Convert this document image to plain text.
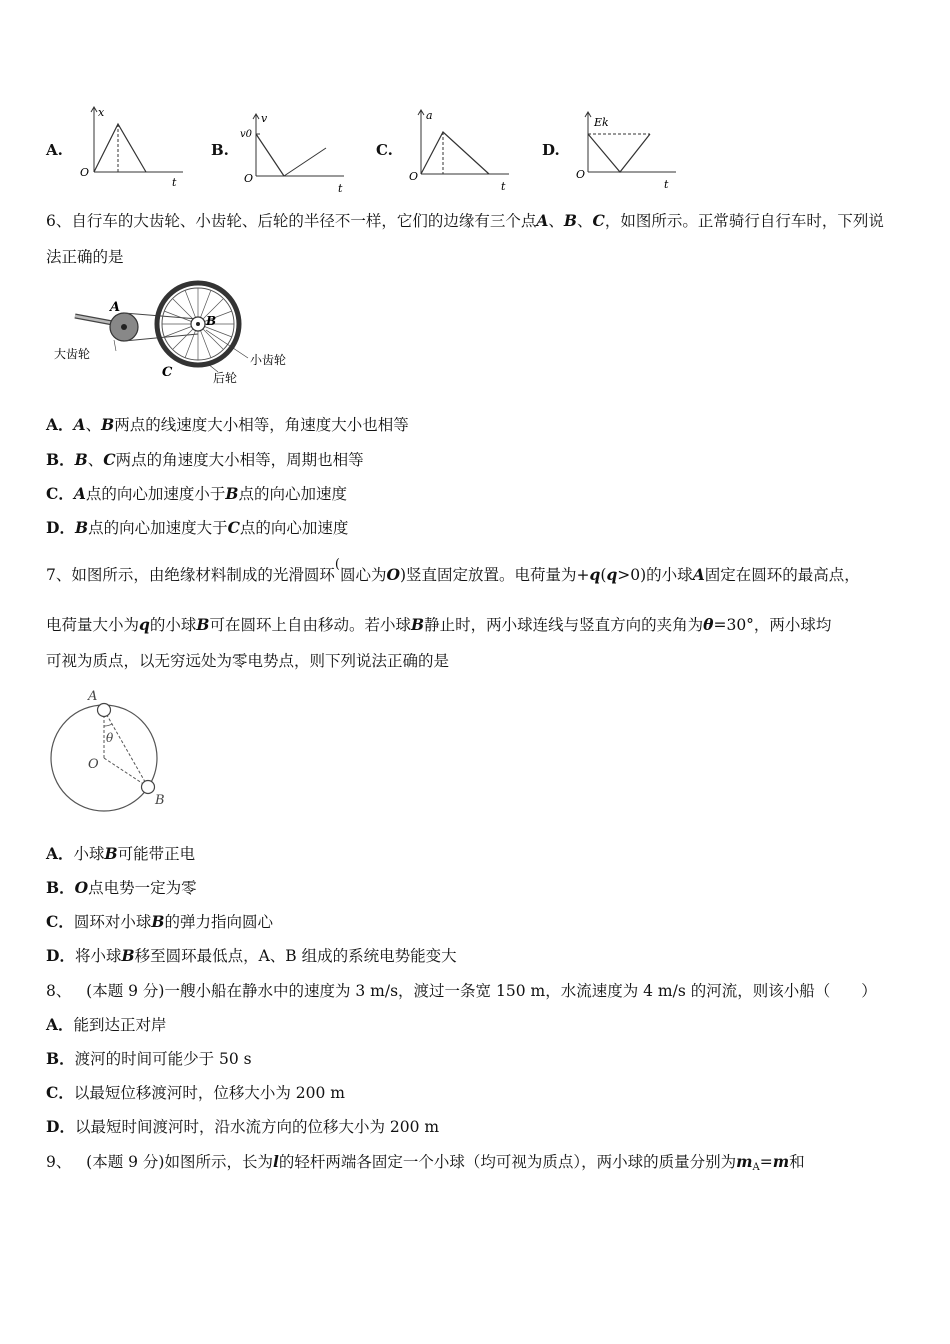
A.
x
O
t
B.
v
v0
O
t
C.
a
O
t
D.
Ek
O
t
6、自行车的大齿轮、小齿轮、后轮的半径不一样，它们的边缘有三个点A、B、C，如图所示。正常骑行自行车时，下列说
法正确的是
A
B
C
大齿轮	小齿轮
后轮
A．A、B两点的线速度大小相等，角速度大小也相等
B．B、C两点的角速度大小相等，周期也相等
C．A点的向心加速度小于B点的向心加速度
D．B点的向心加速度大于C点的向心加速度
7、如图所示，由绝缘材料制成的光滑圆环(圆心为O)竖直固定放置。电荷量为+q(q>0)的小球A固定在圆环的最高点，
电荷量大小为q的小球B可在圆环上自由移动。若小球B静止时，两小球连线与竖直方向的夹角为θ=30°，两小球均
可视为质点，以无穷远处为零电势点，则下列说法正确的是
A
θ
O
B
A．小球B可能带正电
B．O点电势一定为零
C．圆环对小球B的弹力指向圆心
D．将小球B移至圆环最低点，A、B 组成的系统电势能变大
8、 (本题 9 分)一艘小船在静水中的速度为 3 m/s，渡过一条宽 150 m，水流速度为 4 m/s 的河流，则该小船（　　）
A．能到达正对岸
B．渡河的时间可能少于 50 s
C．以最短位移渡河时，位移大小为 200 m
D．以最短时间渡河时，沿水流方向的位移大小为 200 m
9、 (本题 9 分)如图所示，长为l的轻杆两端各固定一个小球（均可视为质点），两小球的质量分别为$m_A=m$和
